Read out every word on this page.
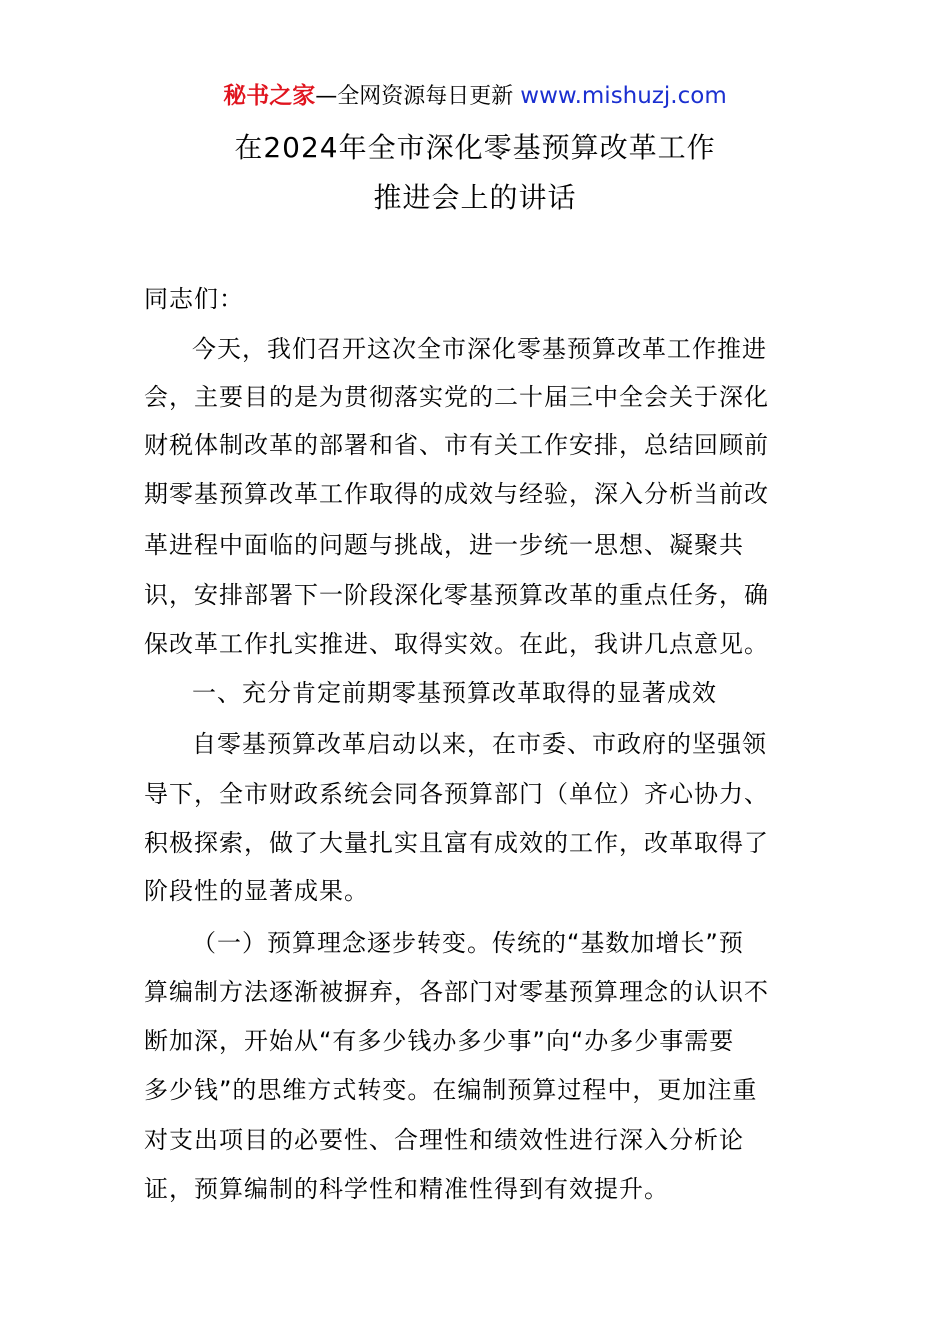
秘书之家—全网资源每日更新 www.mishuzj.com
在2024年全市深化零基预算改革工作
推进会上的讲话
同志们：
今天，我们召开这次全市深化零基预算改革工作推进
会，主要目的是为贯彻落实党的二十届三中全会关于深化
财税体制改革的部署和省、市有关工作安排，总结回顾前
期零基预算改革工作取得的成效与经验，深入分析当前改
革进程中面临的问题与挑战，进一步统一思想、凝聚共
识，安排部署下一阶段深化零基预算改革的重点任务，确
保改革工作扎实推进、取得实效。在此，我讲几点意见。
一、充分肯定前期零基预算改革取得的显著成效
自零基预算改革启动以来，在市委、市政府的坚强领
导下，全市财政系统会同各预算部门（单位）齐心协力、
积极探索，做了大量扎实且富有成效的工作，改革取得了
阶段性的显著成果。
（一）预算理念逐步转变。传统的“基数加增长”预
算编制方法逐渐被摒弃，各部门对零基预算理念的认识不
断加深，开始从“有多少钱办多少事”向“办多少事需要
多少钱”的思维方式转变。在编制预算过程中，更加注重
对支出项目的必要性、合理性和绩效性进行深入分析论
证，预算编制的科学性和精准性得到有效提升。
